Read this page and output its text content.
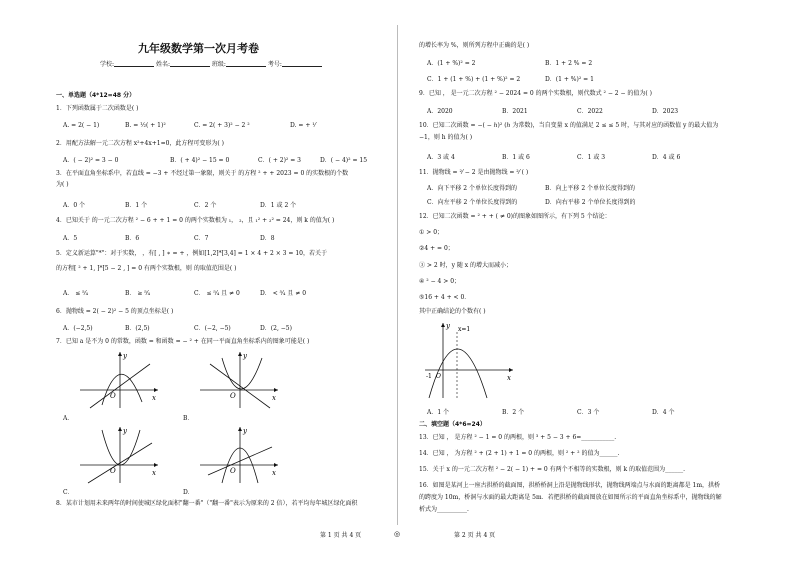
九年级数学第一次月考卷
学校:	姓名:	班级:	考号:
一、单选题（4*12=48 分）
1．下列函数属于二次函数是( )
A. = 2( − 1)	B. = ½( + 1)²	C. = 2( + 3)² − 2 ²	D. = + ¹⁄
2．用配方法解一元二次方程 x²+4x+1=0，此方程可变形为( )
A．( − 2)² = 3 − 0	B．( + 4)² − 15 = 0	C．( + 2)² = 3	D．( − 4)² = 15
3．在平面直角坐标系中，若直线 = −3 + 不经过第一象限，则关于 的方程 ² + + 2023 = 0 的实数根的个数
为( )
A．0 个	B．1 个	C．2 个	D．1 或 2 个
4．已知关于 的一元二次方程 ² − 6 + + 1 = 0 的两个实数根为 ₁， ₂，且 ₁² + ₂² = 24，则 k 的值为( )
A．5	B．6	C．7	D．8
5．定义新运算"*"：对于实数， ，有[ , ] ∗ = + ，例如[1,2]*[3,4] = 1 × 4 + 2 × 3 = 10，若关于
的方程[ ² + 1, ]*[5 − 2 , ] = 0 有两个实数根，则 的取值范围是( )
A． ≤ ⁵⁄₄	B． ≥ ⁵⁄₄	C． ≤ ⁵⁄₄ 且 ≠ 0	D． < ⁵⁄₄ 且 ≠ 0
6．抛物线 = 2( − 2)² − 5 的顶点坐标是( )
A．(−2,5)	B．(2,5)	C．(−2, −5)	D．(2, −5)
7．已知 a 是不为 0 的常数，函数 = 和函数 = − ² + 在同一平面直角坐标系内的图象可能是( )
O	x
y
O	x
y
O	x
y
O	x
y
A．	B．
C．	D．
8．某市计划用未来两年的时间使城区绿化面积"翻一番"（"翻一番"表示为原来的 2 倍），若平均每年城区绿化面积
第 1 页 共 4 页	◎
的增长率为 %，则所列方程中正确的是( )
A．(1 + %)² = 2	B．1 + 2 % = 2
C．1 + (1 + %) + (1 + %)² = 2	D．(1 + %)² = 1
9．已知 ， 是一元二次方程 ² − 2024 = 0 的两个实数根，则代数式 ² − 2 − 的值为( )
A．2020	B．2021	C．2022	D．2023
10．已知二次函数 = −( − ℎ)² (ℎ 为常数)，当自变量 x 的值满足 2 ≤ ≤ 5 时，与其对应的函数值 y 的最大值为
−1，则 h 的值为( )
A．3 或 4	B．1 或 6	C．1 或 3	D．4 或 6
11．抛物线 = ²⁄ − 2 是由抛物线 = ²⁄ ( )
A．向下平移 2 个单位长度得到的	B．向上平移 2 个单位长度得到的
C．向左平移 2 个单位长度得到的	D．向右平移 2 个单位长度得到的
12．已知二次函数 = ² + + ( ≠ 0)的图象如图所示，有下列 5 个结论：
① > 0；
②4 + = 0；
③ > 2 时，y 随 x 的增大而减小；
④ ² − 4 > 0；
⑤16 + 4 + < 0．
其中正确结论的个数有( )
x=1
-1 O	x
y
A．1 个	B．2 个	C．3 个	D．4 个
二、填空题（4*6=24）
13．已知 ， 是方程 ² − 1 = 0 的两根，则 ³ + 5 − 3 + 6=___________.
14．已知 ， 为方程 ² + (2 + 1) + 1 = 0 的两根，则 ² + ² 的值为______.
15．关于 x 的一元二次方程 ² − 2( − 1) + = 0 有两个不相等的实数根，则 k 的取值范围为______.
16．如图是某河上一座古拱桥的截面图，拱桥桥洞上沿是抛物线形状，抛物线两端点与水面的距离都是 1m，拱桥
的跨度为 10m，桥洞与水面的最大距离是 5m．若把拱桥的截面图放在如图所示的平面直角坐标系中，抛物线的解
析式为__________.
第 2 页 共 4 页
